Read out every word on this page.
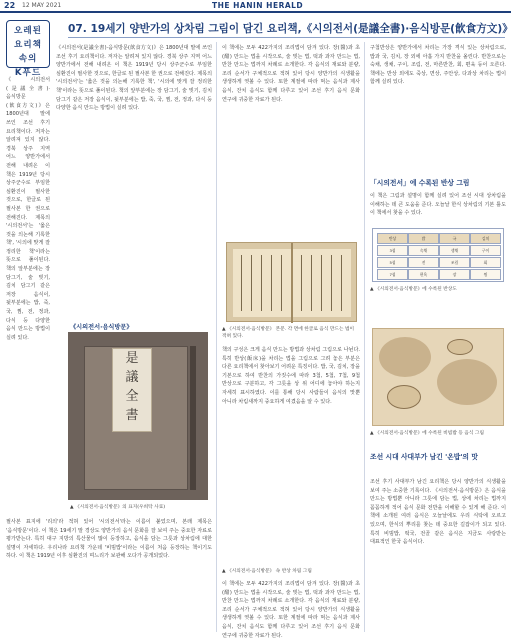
22 12 MAY 2021	THE HANIN HERALD
오레된
요리책 속의
K푸드
07. 19세기 양반가의 상차림 그림이 담긴 요리책,《시의전서(是議全書)·음식방문(飮食方文)》
《시의전서(是議全書)·음식방문(飮食方文)》은 1800년대 말에 쓰인 조선 후기 요리책이다. 저자는 알려져 있지 않다. 경북 상주 지역 어느 양반가에서 전해 내려온 이 책은 1919년 당시 상주군수로 부임한 심환진이 필사한 것으로, 한글로 된 필사본 한 권으로 전해진다. 제목의 '시의전서'는 '옳은 것을 의논해 기록한 책', '시의에 맞게 잘 정리한 책'이라는 뜻으로 풀이된다. 책의 앞부분에는 장 담그기, 술 빚기, 김치 담그기 같은 저장 음식이, 뒷부분에는 밥, 죽, 국, 찜, 전, 정과, 다식 등 다양한 음식 만드는 방법이 실려 있다.
《시의전서(是議全書)·음식방문(飮食方文)》은 1800년대 말에 쓰인 조선 후기 요리책이다. 저자는 알려져 있지 않다. 경북 상주 지역 어느 양반가에서 전해 내려온 이 책은 1919년 당시 상주군수로 부임한 심환진이 필사한 것으로, 한글로 된 필사본 한 권으로 전해진다. 제목의 '시의전서'는 '옳은 것을 의논해 기록한 책', '시의에 맞게 잘 정리한 책'이라는 뜻으로 풀이된다. 책의 앞부분에는 장 담그기, 술 빚기, 김치 담그기 같은 저장 음식이, 뒷부분에는 밥, 죽, 국, 찜, 전, 정과, 다식 등 다양한 음식 만드는 방법이 실려 있다.
《시의전서·음식방문》
是
議
全
書
▲ 《시의전서·음식방문》의 표지(우희탁 사료)
필사본 표지에 '리의'라 적혀 있어 '시의전서'라는 이름이 붙었으며, 본래 제목은 '음식방문'이다. 이 책은 19세기 말 경상도 양반가의 음식 문화를 잘 보여 주는 중요한 자료로 평가받는다. 특히 대구 지방의 특산물이 많이 등장하고, 음식을 담는 그릇과 상차림에 대한 설명이 자세하다. 우리나라 요리책 가운데 '비빔밥'이라는 이름이 처음 등장하는 책이기도 하다. 이 책은 1919년 이후 심환진의 며느리가 보관해 오다가 공개되었다.
이 책에는 모두 422가지의 조리법이 담겨 있다. 장(醬)과 초(醋) 만드는 법을 시작으로, 술 빚는 법, 떡과 과자 만드는 법, 반찬 만드는 법까지 차례로 소개한다. 각 음식의 재료와 분량, 조리 순서가 구체적으로 적혀 있어 당시 양반가의 식생활을 생생하게 엿볼 수 있다. 또한 계절에 따라 먹는 음식과 제사 음식, 잔치 음식도 함께 다루고 있어 조선 후기 음식 문화 연구에 귀중한 자료가 된다.
▲ 《시의전서·음식방문》 본문. 각 면에 한글로 음식 만드는 법이 적혀 있다.
책의 구성은 크게 음식 만드는 방법과 상차림 그림으로 나뉜다. 특히 반상(飯床)을 차리는 법을 그림으로 그려 놓은 부분은 다른 요리책에서 찾아보기 어려운 특징이다. 밥, 국, 김치, 장을 기본으로 하여 반찬의 가짓수에 따라 3첩, 5첩, 7첩, 9첩 반상으로 구분하고, 각 그릇을 상 위 어디에 놓아야 하는지 자세히 표시하였다. 이를 통해 당시 사람들이 음식의 맛뿐 아니라 차림새까지 중요하게 여겼음을 알 수 있다.
▲ 《시의전서·음식방문》 속 반상 차림 그림
이 책에는 모두 422가지의 조리법이 담겨 있다. 장(醬)과 초(醋) 만드는 법을 시작으로, 술 빚는 법, 떡과 과자 만드는 법, 반찬 만드는 법까지 차례로 소개한다. 각 음식의 재료와 분량, 조리 순서가 구체적으로 적혀 있어 당시 양반가의 식생활을 생생하게 엿볼 수 있다. 또한 계절에 따라 먹는 음식과 제사 음식, 잔치 음식도 함께 다루고 있어 조선 후기 음식 문화 연구에 귀중한 자료가 된다.
구첩반상은 양반가에서 차리는 가장 격식 있는 상차림으로, 밥과 국, 김치, 장 외에 아홉 가지 반찬을 올린다. 반찬으로는 숙채, 생채, 구이, 조림, 전, 마른반찬, 회, 편육 등이 오른다. 책에는 반상 외에도 죽상, 면상, 주안상, 다과상 차리는 법이 함께 실려 있다.
「시의전서」에 수록된 반상 그림
이 책은 그림과 설명이 함께 실려 있어 조선 시대 상차림을 이해하는 데 큰 도움을 준다. 오늘날 한식 상차림의 기본 틀도 이 책에서 찾을 수 있다.
반상	밥	국	김치
3첩	숙채	생채	구이
5첩	전	조림	회
7첩	편육	장	찜
▲ 《시의전서·음식방문》에 수록된 반상도
▲ 《시의전서·음식방문》에 수록된 비빔밥 등 음식 그림
조선 시대 사대부가 남긴 '온밥'의 맛
조선 후기 사대부가 남긴 요리책은 당시 양반가의 식생활을 보여 주는 소중한 기록이다. 《시의전서·음식방문》은 음식을 만드는 방법뿐 아니라 그릇에 담는 법, 상에 차리는 법까지 꼼꼼하게 적어 음식 문화 전반을 이해할 수 있게 해 준다. 이 책에 소개된 여러 음식은 오늘날에도 우리 식탁에 오르고 있으며, 한식의 뿌리를 찾는 데 중요한 길잡이가 되고 있다. 특히 비빔밥, 떡국, 전골 같은 음식은 지금도 사랑받는 대표적인 한국 음식이다.
